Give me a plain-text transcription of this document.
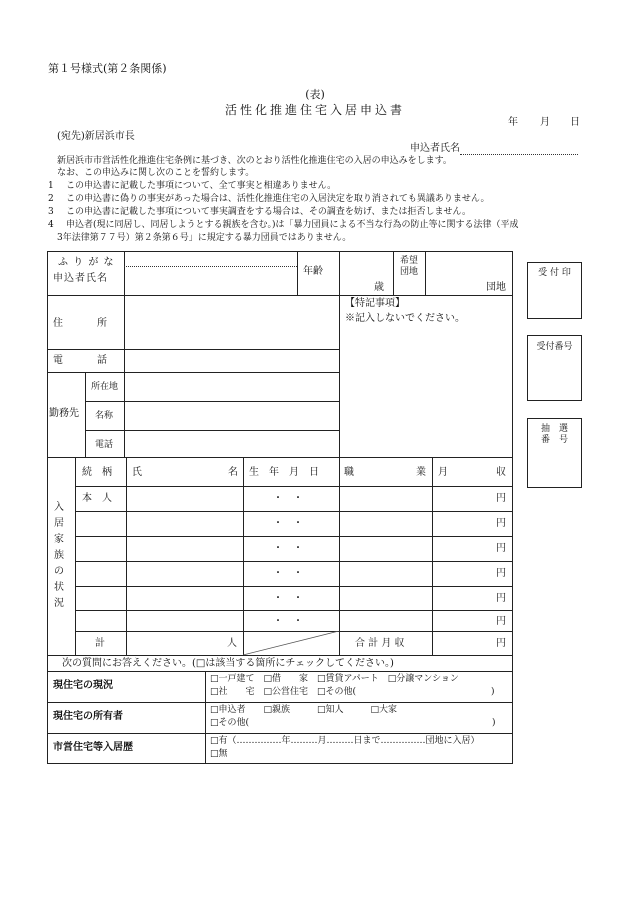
第１号様式(第２条関係)
(表)
活性化推進住宅入居申込書
年 月 日
(宛先)新居浜市長
申込者氏名
新居浜市市営活性化推進住宅条例に基づき、次のとおり活性化推進住宅の入居の申込みをします。
なお、この申込みに関し次のことを誓約します。
1 この申込書に記載した事項について、全て事実と相違ありません。
2 この申込書に偽りの事実があった場合は、活性化推進住宅の入居決定を取り消されても異議ありません。
3 この申込書に記載した事項について事実調査をする場合は、その調査を妨げ、または拒否しません。
4 申込者(現に同居し、同居しようとする親族を含む。)は「暴力団員による不当な行為の防止等に関する法律（平成
3年法律第７７号）第２条第６号」に規定する暴力団員ではありません。
ふ り が な
申込者氏名
年齢
歳
希望
団地
団地
【特記事項】
※記入しないでください。
住　　　所
電　　　話
勤務先
所在地
名称
電話
入居家族の状況
続　柄 氏	名 生　年　月　日	職	業 月	収
本　人	・　・	円
・　・	円
・　・	円
・　・	円
・　・	円
・　・	円
計	人	合 計 月 収	円
次の質問にお答えください。(□は該当する箇所にチェックしてください。)
現住宅の現況
□一戸建て　□借　　家　□賃貸アパート　□分譲マンション
□社　　宅　□公営住宅　□その他(　　　　　　　　　　　　　　　)
現住宅の所有者
□申込者　　□親族　　　□知人　　　□大家
□その他(　　　　　　　　　　　　　　　　　　　　　　　　　　　)
市営住宅等入居歴
□有（……………年………月………日まで……………団地に入居）
□無
受 付 印
受付番号
抽　選
番　号
